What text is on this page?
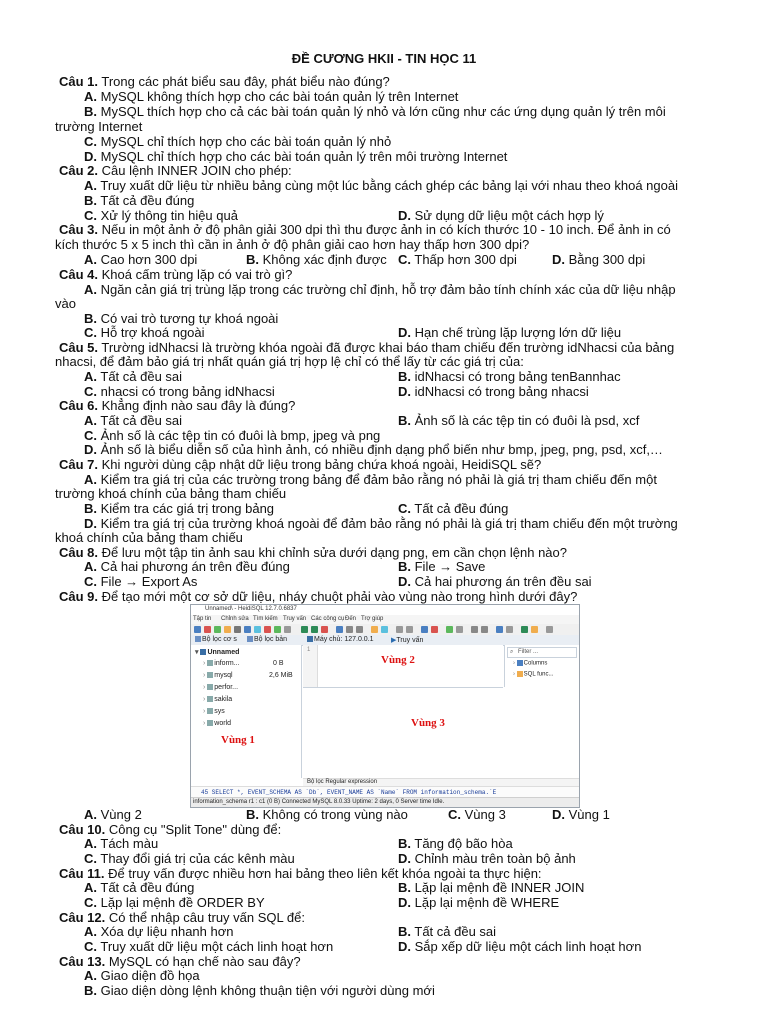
ĐỀ CƯƠNG HKII - TIN HỌC 11
Câu 1. Trong các phát biểu sau đây, phát biểu nào đúng?
A. MySQL không thích hợp cho các bài toán quản lý trên Internet
B. MySQL thích hợp cho cả các bài toán quản lý nhỏ và lớn cũng như các ứng dụng quản lý trên môi
trường Internet
C. MySQL chỉ thích hợp cho các bài toán quản lý nhỏ
D. MySQL chỉ thích hợp cho các bài toán quản lý trên môi trường Internet
Câu 2. Câu lệnh INNER JOIN cho phép:
A. Truy xuất dữ liệu từ nhiều bảng cùng một lúc bằng cách ghép các bảng lại với nhau theo khoá ngoài
B. Tất cả đều đúng
C. Xử lý thông tin hiệu quả	D. Sử dụng dữ liệu một cách hợp lý
Câu 3. Nếu in một ảnh ở độ phân giải 300 dpi thì thu được ảnh in có kích thước 10 - 10 inch. Để ảnh in có
kích thước 5 x 5 inch thì cần in ảnh ở độ phân giải cao hơn hay thấp hơn 300 dpi?
A. Cao hơn 300 dpi	B. Không xác định được C. Thấp hơn 300 dpi	D. Bằng 300 dpi
Câu 4. Khoá cấm trùng lặp có vai trò gì?
A. Ngăn cản giá trị trùng lặp trong các trường chỉ định, hỗ trợ đảm bảo tính chính xác của dữ liệu nhập
vào
B. Có vai trò tương tự khoá ngoài
C. Hỗ trợ khoá ngoài	D. Hạn chế trùng lặp lượng lớn dữ liệu
Câu 5. Trường idNhacsi là trường khóa ngoài đã được khai báo tham chiếu đến trường idNhacsi của bảng
nhacsi, để đảm bảo giá trị nhất quán giá trị hợp lệ chỉ có thể lấy từ các giá trị của:
A. Tất cả đều sai	B. idNhacsi có trong bảng tenBannhac
C. nhacsi có trong bảng idNhacsi	D. idNhacsi có trong bảng nhacsi
Câu 6. Khẳng định nào sau đây là đúng?
A. Tất cả đều sai	B. Ảnh số là các tệp tin có đuôi là psd, xcf
C. Ảnh số là các tệp tin có đuôi là bmp, jpeg và png
D. Ảnh số là biểu diễn số của hình ảnh, có nhiều định dạng phổ biến như bmp, jpeg, png, psd, xcf,…
Câu 7. Khi người dùng cập nhật dữ liệu trong bảng chứa khoá ngoài, HeidiSQL sẽ?
A. Kiểm tra giá trị của các trường trong bảng để đảm bảo rằng nó phải là giá trị tham chiếu đến một
trường khoá chính của bảng tham chiếu
B. Kiểm tra các giá trị trong bảng	C. Tất cả đều đúng
D. Kiểm tra giá trị của trường khoá ngoài để đảm bảo rằng nó phải là giá trị tham chiếu đến một trường
khoá chính của bảng tham chiếu
Câu 8. Để lưu một tập tin ảnh sau khi chỉnh sửa dưới dạng png, em cần chọn lệnh nào?
A. Cả hai phương án trên đều đúng	B. File → Save
C. File → Export As	D. Cả hai phương án trên đều sai
Câu 9. Để tạo mới một cơ sở dữ liệu, nháy chuột phải vào vùng nào trong hình dưới đây?
Unnamed\ - HeidiSQL 12.7.0.6837
Tập tin Chỉnh sửa Tìm kiếm Truy vấn Các công cụ Đến Trợ giúp
Bộ lọc cơ s	Bộ lọc bản	Máy chủ: 127.0.0.1 ▶Truy vấn
▾ Unnamed
› inform...	0 B
› mysql	2,6 MiB
› perfor...
› sakila
› sys
› world
Vùng 1
1
Vùng 2	› Columns
› SQL func...
⌕ Filter ...
Vùng 3
Bộ lọc Regular expression
45 SELECT *, EVENT_SCHEMA AS `Db`, EVENT_NAME AS `Name` FROM information_schema.`E
information_schema r1 : c1 (0 B) Connected MySQL 8.0.33 Uptime: 2 days, 0 Server time Idle.
A. Vùng 2	B. Không có trong vùng nào	C. Vùng 3	D. Vùng 1
Câu 10. Công cụ "Split Tone" dùng để:
A. Tách màu	B. Tăng độ bão hòa
C. Thay đổi giá trị của các kênh màu	D. Chỉnh màu trên toàn bộ ảnh
Câu 11. Để truy vấn được nhiều hơn hai bảng theo liên kết khóa ngoài ta thực hiện:
A. Tất cả đều đúng	B. Lặp lại mệnh đề INNER JOIN
C. Lặp lại mệnh đề ORDER BY	D. Lặp lại mệnh đề WHERE
Câu 12. Có thể nhập câu truy vấn SQL để:
A. Xóa dự liệu nhanh hơn	B. Tất cả đều sai
C. Truy xuất dữ liệu một cách linh hoạt hơn	D. Sắp xếp dữ liệu một cách linh hoạt hơn
Câu 13. MySQL có hạn chế nào sau đây?
A. Giao diện đồ họa
B. Giao diện dòng lệnh không thuận tiện với người dùng mới
